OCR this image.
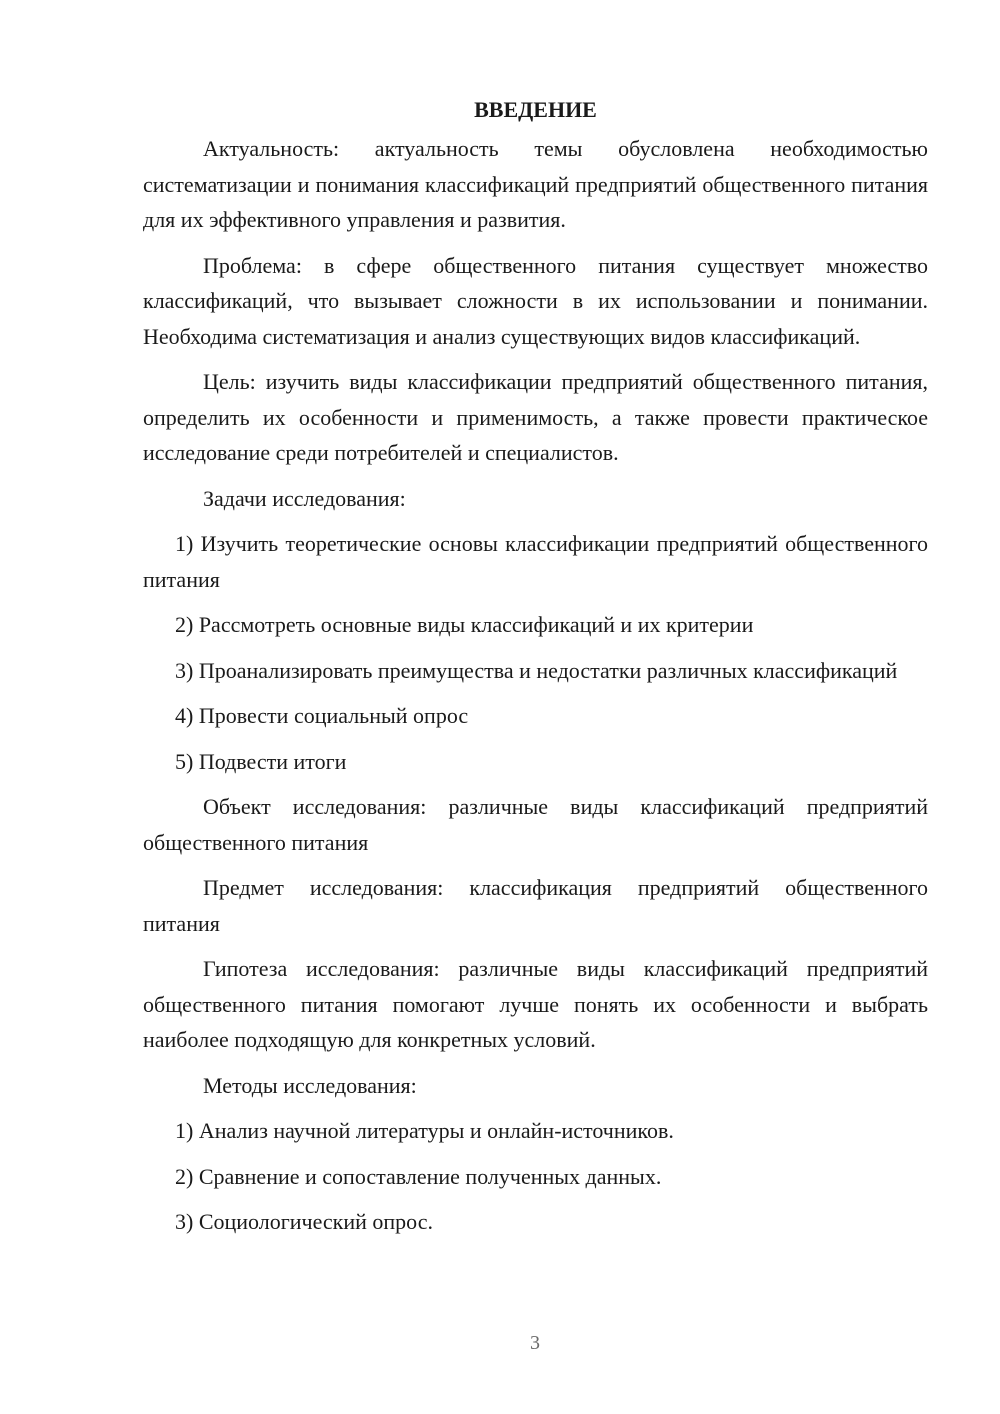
ВВЕДЕНИЕ

Актуальность: актуальность темы обусловлена необходимостью систематизации и понимания классификаций предприятий общественного питания для их эффективного управления и развития.

Проблема: в сфере общественного питания существует множество классификаций, что вызывает сложности в их использовании и понимании. Необходима систематизация и анализ существующих видов классификаций.

Цель: изучить виды классификации предприятий общественного питания, определить их особенности и применимость, а также провести практическое исследование среди потребителей и специалистов.

Задачи исследования:

1) Изучить теоретические основы классификации предприятий общественного питания

2) Рассмотреть основные виды классификаций и их критерии

3) Проанализировать преимущества и недостатки различных классификаций

4) Провести социальный опрос

5) Подвести итоги

Объект исследования: различные виды классификаций предприятий общественного питания

Предмет исследования: классификация предприятий общественного питания

Гипотеза исследования: различные виды классификаций предприятий общественного питания помогают лучше понять их особенности и выбрать наиболее подходящую для конкретных условий.

Методы исследования:

1) Анализ научной литературы и онлайн-источников.

2) Сравнение и сопоставление полученных данных.

3) Социологический опрос.

3
